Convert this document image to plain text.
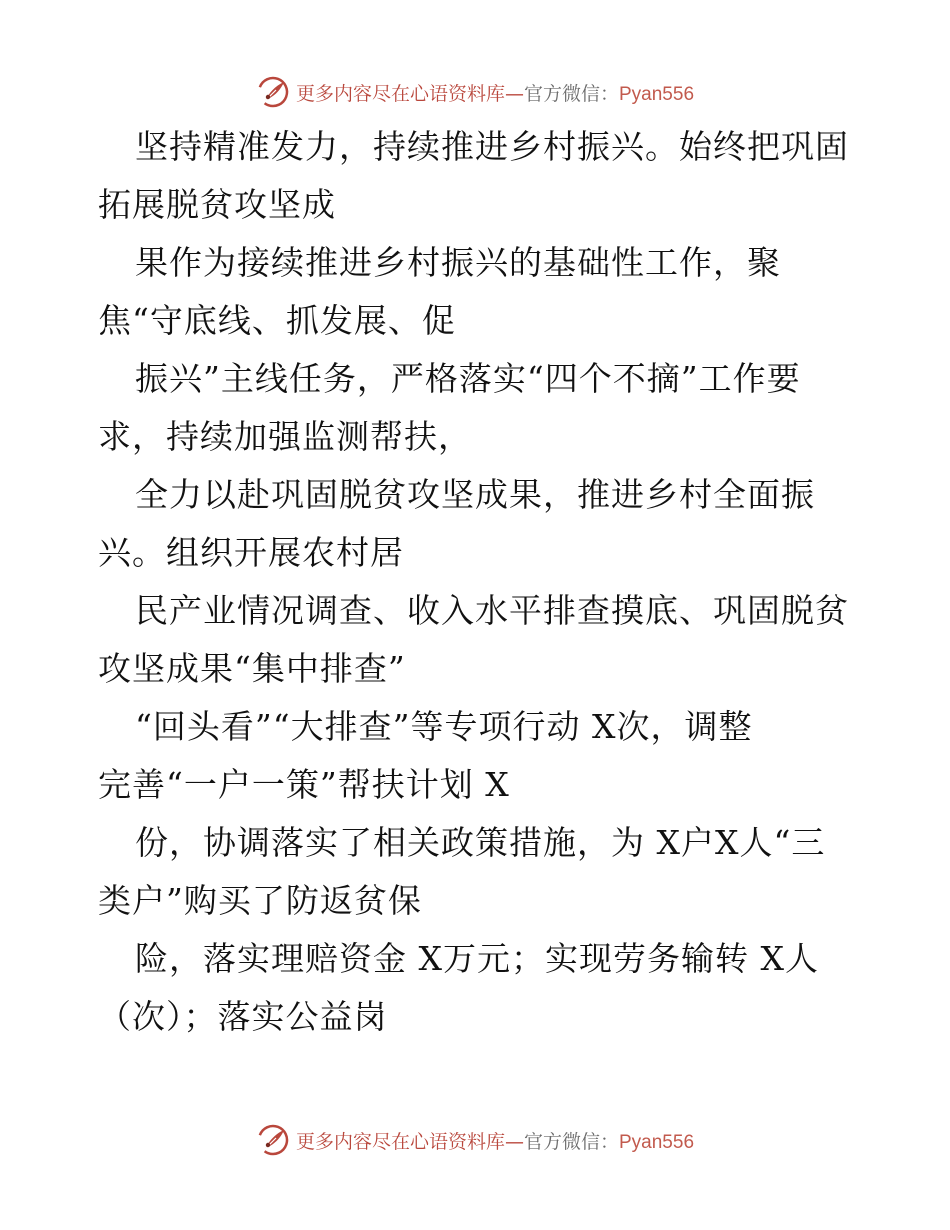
更多内容尽在心语资料库—官方微信：Pyan556
坚持精准发力，持续推进乡村振兴。始终把巩固
拓展脱贫攻坚成
果作为接续推进乡村振兴的基础性工作，聚
焦“守底线、抓发展、促
振兴”主线任务，严格落实“四个不摘”工作要
求，持续加强监测帮扶，
全力以赴巩固脱贫攻坚成果，推进乡村全面振
兴。组织开展农村居
民产业情况调查、收入水平排查摸底、巩固脱贫
攻坚成果“集中排查”
“回头看”“大排查”等专项行动 X次，调整
完善“一户一策”帮扶计划 X
份，协调落实了相关政策措施，为 X户X人“三
类户”购买了防返贫保
险，落实理赔资金 X万元；实现劳务输转 X人
（次）；落实公益岗
更多内容尽在心语资料库—官方微信：Pyan556
